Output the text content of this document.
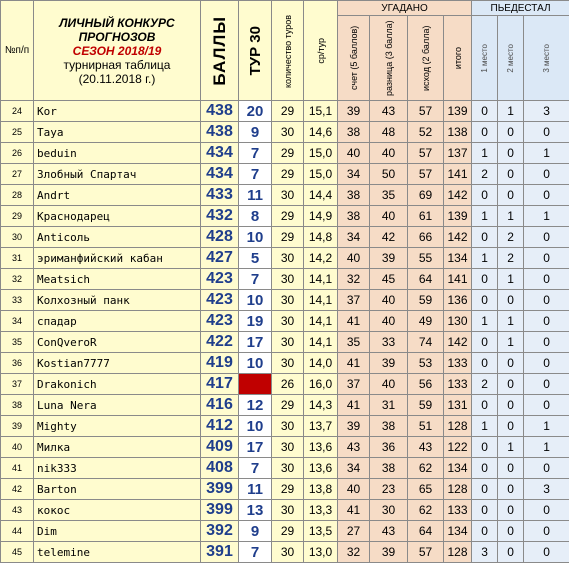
№п/п	ЛИЧНЫЙ КОНКУРС
ПРОГНОЗОВ
СЕЗОН 2018/19
турнирная таблица
(20.11.2018 г.)	БАЛЛЫ	ТУР 30	количество туров	ср/тур	УГАДАНО				ПЬЕДЕСТАЛ		

						счет (5 баллов)	разница (3 балла)	исход (2 балла)	итого	1 место	2 место	3 место

24	Kor	438	20	29	15,1	39	43	57	139	0	1	3
25	Taya	438	9	30	14,6	38	48	52	138	0	0	0
26	beduin	434	7	29	15,0	40	40	57	137	1	0	1
27	Злобный Спартач	434	7	29	15,0	34	50	57	141	2	0	0
28	Andrt	433	11	30	14,4	38	35	69	142	0	0	0
29	Краснодарец	432	8	29	14,9	38	40	61	139	1	1	1
30	Anticоль	428	10	29	14,8	34	42	66	142	0	2	0
31	эриманфийский кабан	427	5	30	14,2	40	39	55	134	1	2	0
32	Meatsich	423	7	30	14,1	32	45	64	141	0	1	0
33	Колхозный панк	423	10	30	14,1	37	40	59	136	0	0	0
34	спадар	423	19	30	14,1	41	40	49	130	1	1	0
35	ConQveroR	422	17	30	14,1	35	33	74	142	0	1	0
36	Kostian7777	419	10	30	14,0	41	39	53	133	0	0	0
37	Drakonich	417		26	16,0	37	40	56	133	2	0	0
38	Luna Nera	416	12	29	14,3	41	31	59	131	0	0	0
39	Mighty	412	10	30	13,7	39	38	51	128	1	0	1
40	Милка	409	17	30	13,6	43	36	43	122	0	1	1
41	nik333	408	7	30	13,6	34	38	62	134	0	0	0
42	Barton	399	11	29	13,8	40	23	65	128	0	0	3
43	кокос	399	13	30	13,3	41	30	62	133	0	0	0
44	Dim	392	9	29	13,5	27	43	64	134	0	0	0
45	telemine	391	7	30	13,0	32	39	57	128	3	0	0
